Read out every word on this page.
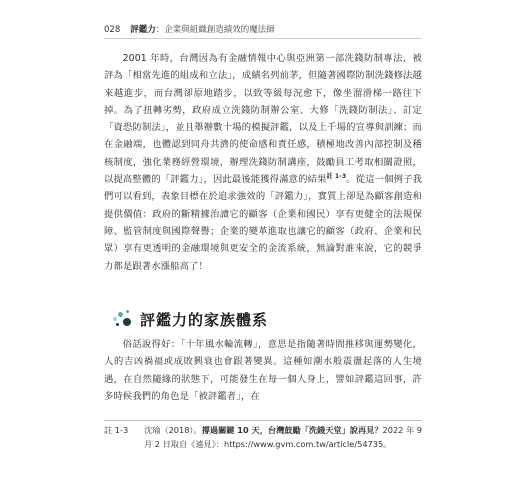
028 評鑑力 ：企業與組織創造績效的魔法師

2001 年時，台灣因為有金融情報中心與亞洲第一部洗錢防制專法，被評為「相當先進的組成和立法」，成績名列前茅，但隨著國際防制洗錢修法越來越進步，而台灣卻原地踏步，以致等級每況愈下，像坐溜滑梯一路往下掉。為了扭轉劣勢，政府成立洗錢防制辦公室、大修「洗錢防制法」、訂定「資恐防制法」，並且舉辦數十場的模擬評鑑，以及上千場的宣導與訓練；而在金融端，也體認到同舟共濟的使命感和責任感，積極地改善內部控制及稽核制度，強化業務經營環境，辦理洗錢防制講座，鼓勵員工考取相關證照，以提高整體的「評鑑力」，因此最後能獲得滿意的結果$^{註 1-3}$。從這一個例子我們可以看到，表象目標在於追求強效的「評鑑力」，實質上卻是為顧客創造和提供價值：政府的斷精據治讀它的顧客（企業和國民）享有更健全的法規保障、監管制度與國際聲譽；企業的變革進取也讓它的顧客（政府、企業和民眾）享有更透明的金融環境與更安全的金流系統，無論對誰來說，它的競爭力都是跟著水漲船高了！

評鑑力的家族體系

俗話說得好：「十年風水輪流轉」，意思是指隨著時間推移與運勢變化，人的吉凶禍福或成敗興衰也會跟著變異。這種如潮水般震盪起落的人生境遇，在自然隨緣的狀態下，可能發生在每一個人身上，譬如評鑑這回事，許多時候我們的角色是「被評鑑者」，在

註 1-3	沈瑜（2018）。撐過關鍵 10 天，台灣鼓勵「洗錢天堂」說再見？2022 年 9 月 2 日取自《遠見》：https://www.gvm.com.tw/article/54735。
